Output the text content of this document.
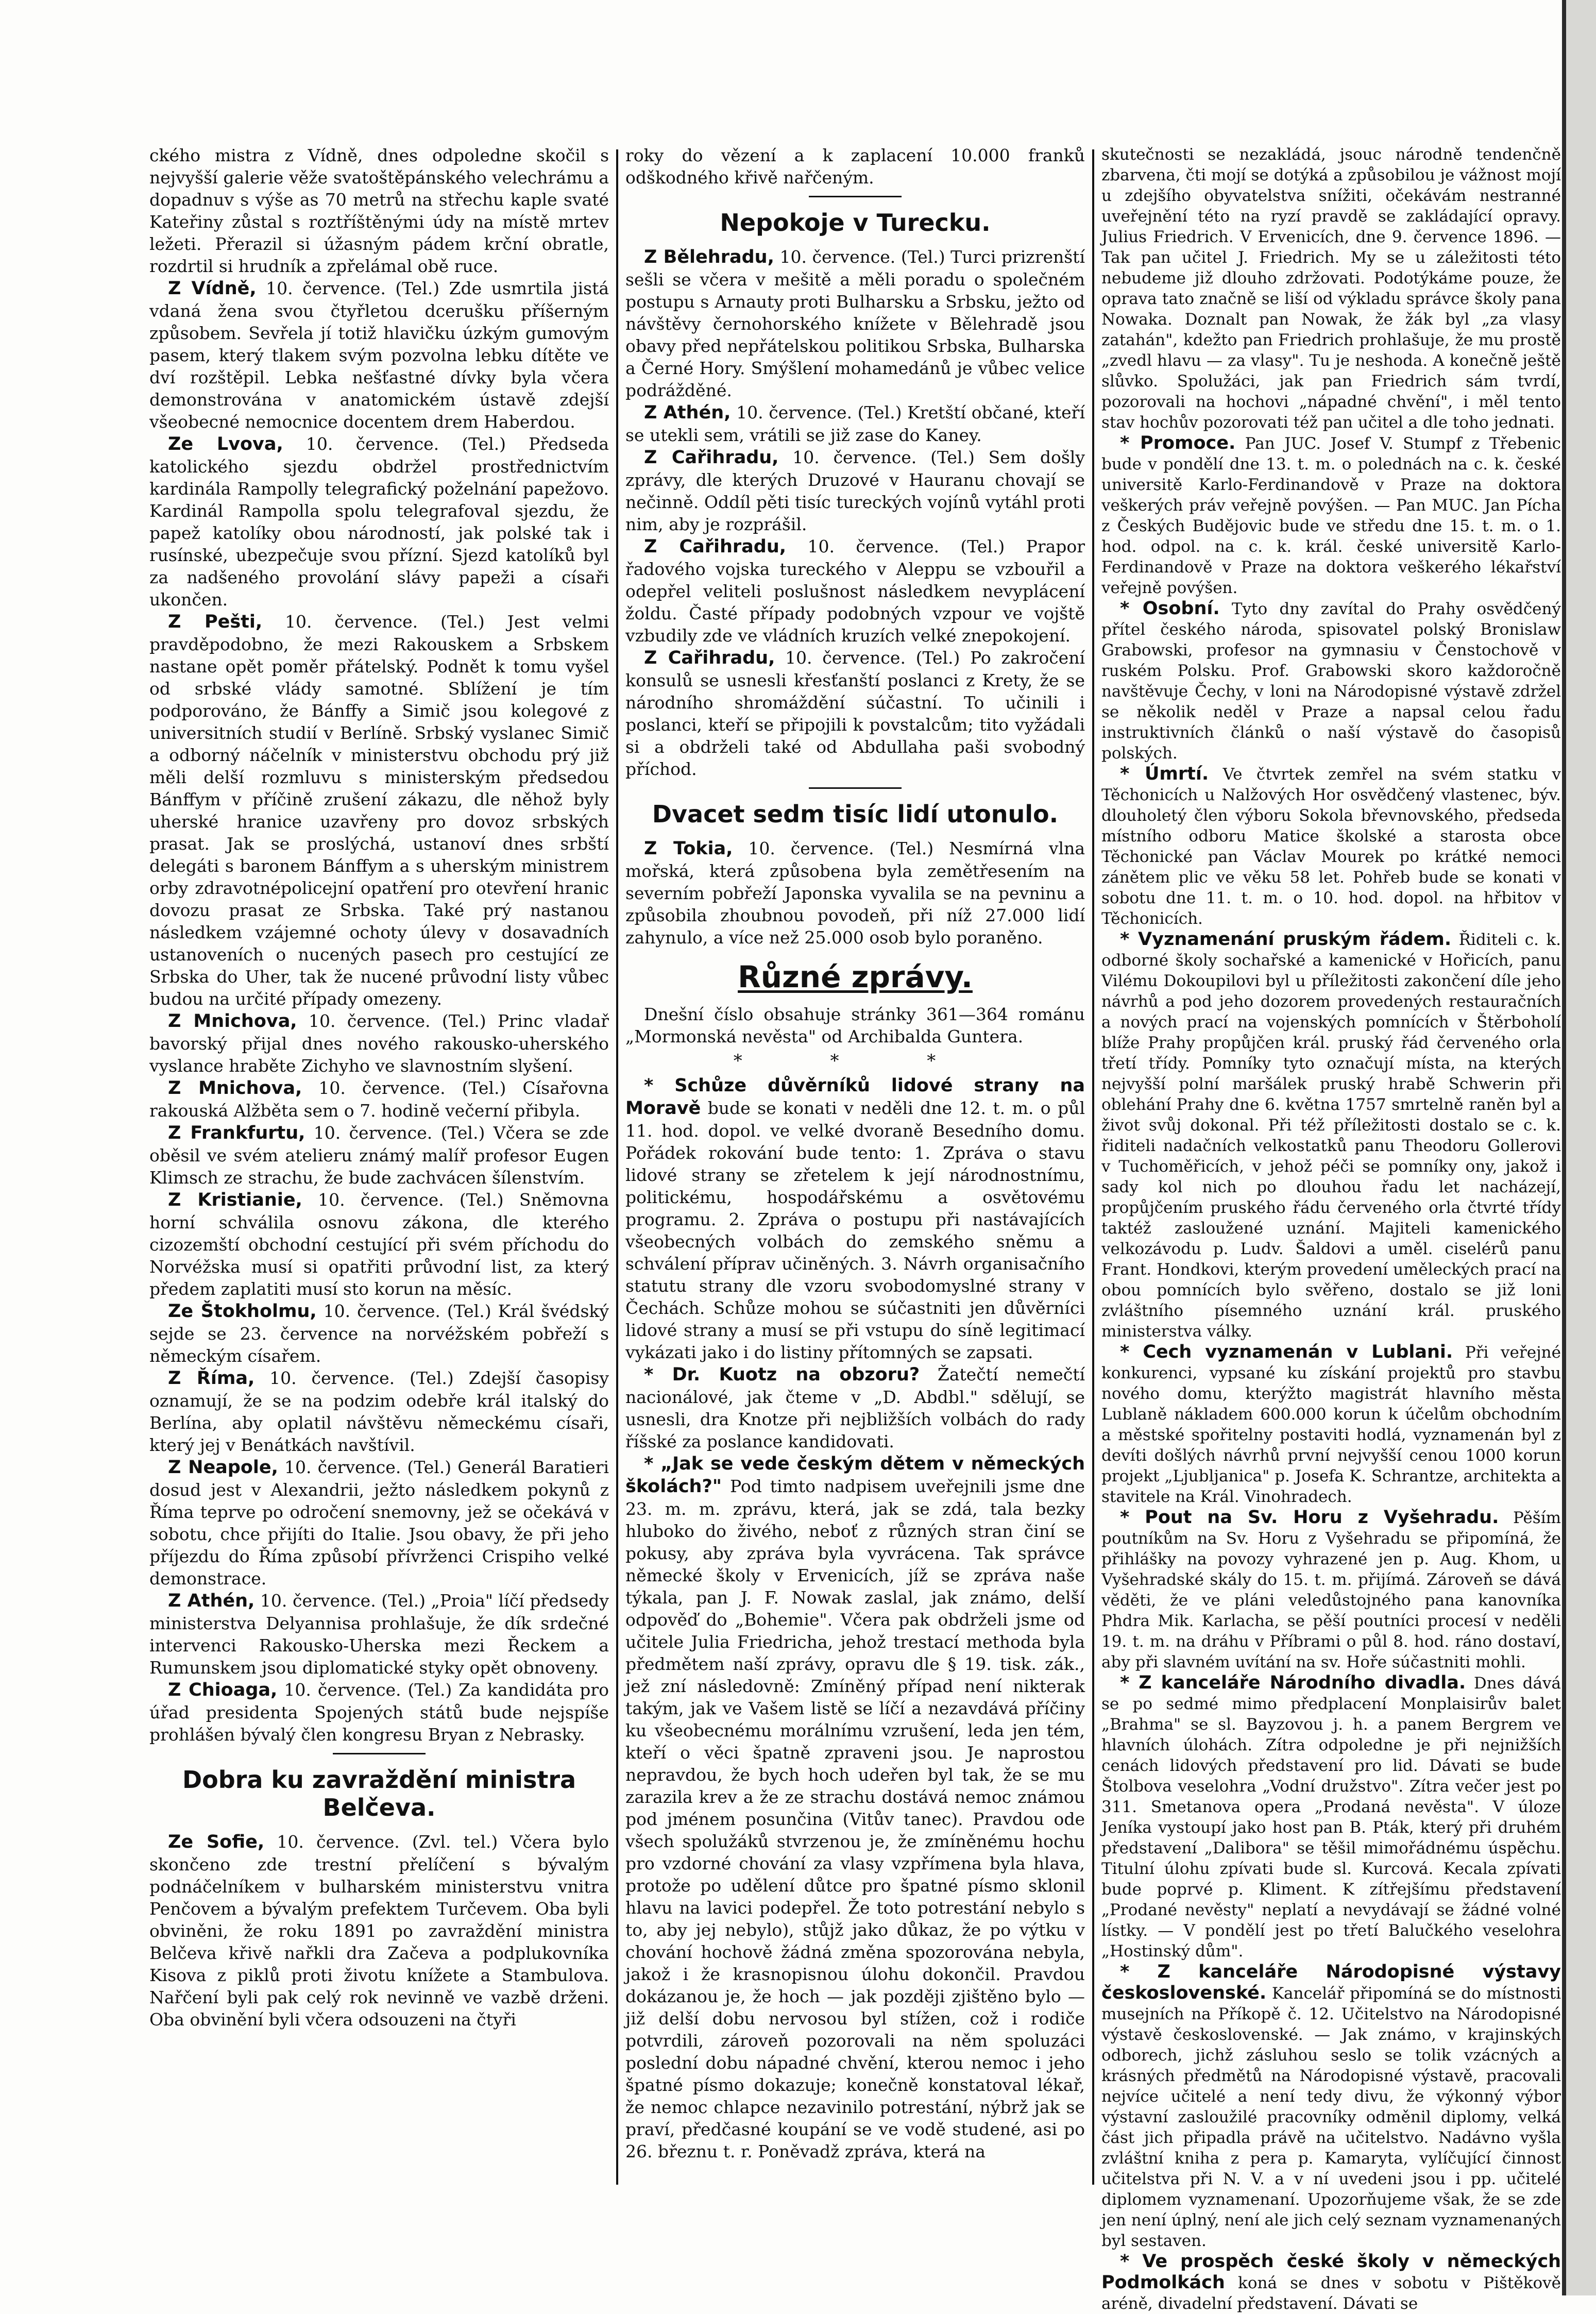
ckého mistra z Vídně, dnes odpoledne skočil s nejvyšší galerie věže svatoštěpánského velechrámu a dopadnuv s výše as 70 metrů na střechu kaple svaté Kateřiny zůstal s roztříštěnými údy na místě mrtev ležeti. Přerazil si úžasným pádem krční obratle, rozdrtil si hrudník a zpřelámal obě ruce.

Z Vídně, 10. července. (Tel.) Zde usmrtila jistá vdaná žena svou čtyřletou dcerušku příšerným způsobem. Sevřela jí totiž hlavičku úzkým gumovým pasem, který tlakem svým pozvolna lebku dítěte ve dví rozštěpil. Lebka nešťastné dívky byla včera demonstrována v anatomickém ústavě zdejší všeobecné nemocnice docentem drem Haberdou.

Ze Lvova, 10. července. (Tel.) Předseda katolického sjezdu obdržel prostřednictvím kardinála Rampolly telegrafický poželnání papežovo. Kardinál Rampolla spolu telegrafoval sjezdu, že papež katolíky obou národností, jak polské tak i rusínské, ubezpečuje svou přízní. Sjezd katolíků byl za nadšeného provolání slávy papeži a císaři ukončen.

Z Pešti, 10. července. (Tel.) Jest velmi pravděpodobno, že mezi Rakouskem a Srbskem nastane opět poměr přátelský. Podnět k tomu vyšel od srbské vlády samotné. Sblížení je tím podporováno, že Bánffy a Simič jsou kolegové z universitních studií v Berlíně. Srbský vyslanec Simič a odborný náčelník v ministerstvu obchodu prý již měli delší rozmluvu s ministerským předsedou Bánffym v příčině zrušení zákazu, dle něhož byly uherské hranice uzavřeny pro dovoz srbských prasat. Jak se proslýchá, ustanoví dnes srbští delegáti s baronem Bánffym a s uherským ministrem orby zdravotnépolicejní opatření pro otevření hranic dovozu prasat ze Srbska. Také prý nastanou následkem vzájemné ochoty úlevy v dosavadních ustanoveních o nucených pasech pro cestující ze Srbska do Uher, tak že nucené průvodní listy vůbec budou na určité případy omezeny.

Z Mnichova, 10. července. (Tel.) Princ vladař bavorský přijal dnes nového rakousko-uherského vyslance hraběte Zichyho ve slavnostním slyšení.

Z Mnichova, 10. července. (Tel.) Císařovna rakouská Alžběta sem o 7. hodině večerní přibyla.

Z Frankfurtu, 10. července. (Tel.) Včera se zde oběsil ve svém atelieru známý malíř profesor Eugen Klimsch ze strachu, že bude zachvácen šílenstvím.

Z Kristianie, 10. července. (Tel.) Sněmovna horní schválila osnovu zákona, dle kterého cizozemští obchodní cestující při svém příchodu do Norvéžska musí si opatřiti průvodní list, za který předem zaplatiti musí sto korun na měsíc.

Ze Štokholmu, 10. července. (Tel.) Král švédský sejde se 23. července na norvéžském pobřeží s německým císařem.

Z Říma, 10. července. (Tel.) Zdejší časopisy oznamují, že se na podzim odebře král italský do Berlína, aby oplatil návštěvu německému císaři, který jej v Benátkách navštívil.

Z Neapole, 10. července. (Tel.) Generál Baratieri dosud jest v Alexandrii, ježto následkem pokynů z Říma teprve po odročení snemovny, jež se očekává v sobotu, chce přijíti do Italie. Jsou obavy, že při jeho příjezdu do Říma způsobí přívrženci Crispiho velké demonstrace.

Z Athén, 10. července. (Tel.) „Proia" líčí předsedy ministerstva Delyannisa prohlašuje, že dík srdečné intervenci Rakousko-Uherska mezi Řeckem a Rumunskem jsou diplomatické styky opět obnoveny.

Z Chioaga, 10. července. (Tel.) Za kandidáta pro úřad presidenta Spojených států bude nejspíše prohlášen bývalý člen kongresu Bryan z Nebrasky.

Dobra ku zavraždění ministra Belčeva.

Ze Sofie, 10. července. (Zvl. tel.) Včera bylo skončeno zde trestní přelíčení s bývalým podnáčelníkem v bulharském ministerstvu vnitra Penčovem a bývalým prefektem Turčevem. Oba byli obviněni, že roku 1891 po zavraždění ministra Belčeva křivě nařkli dra Začeva a podplukovníka Kisova z piklů proti životu knížete a Stambulova. Nařčení byli pak celý rok nevinně ve vazbě drženi. Oba obvinění byli včera odsouzeni na čtyři

roky do vězení a k zaplacení 10.000 franků odškodného křivě nařčeným.

Nepokoje v Turecku.

Z Bělehradu, 10. července. (Tel.) Turci prizrenští sešli se včera v mešitě a měli poradu o společném postupu s Arnauty proti Bulharsku a Srbsku, ježto od návštěvy černohorského knížete v Bělehradě jsou obavy před nepřátelskou politikou Srbska, Bulharska a Černé Hory. Smýšlení mohamedánů je vůbec velice podrážděné.

Z Athén, 10. července. (Tel.) Kretští občané, kteří se utekli sem, vrátili se již zase do Kaney.

Z Cařihradu, 10. července. (Tel.) Sem došly zprávy, dle kterých Druzové v Hauranu chovají se nečinně. Oddíl pěti tisíc tureckých vojínů vytáhl proti nim, aby je rozprášil.

Z Cařihradu, 10. července. (Tel.) Prapor řadového vojska tureckého v Aleppu se vzbouřil a odepřel veliteli poslušnost následkem nevyplácení žoldu. Časté případy podobných vzpour ve vojště vzbudily zde ve vládních kruzích velké znepokojení.

Z Cařihradu, 10. července. (Tel.) Po zakročení konsulů se usnesli křesťanští poslanci z Krety, že se národního shromáždění súčastní. To učinili i poslanci, kteří se připojili k povstalcům; tito vyžádali si a obdrželi také od Abdullaha paši svobodný příchod.

Dvacet sedm tisíc lidí utonulo.

Z Tokia, 10. července. (Tel.) Nesmírná vlna mořská, která způsobena byla zemětřesením na severním pobřeží Japonska vyvalila se na pevninu a způsobila zhoubnou povodeň, při níž 27.000 lidí zahynulo, a více než 25.000 osob bylo poraněno.

Různé zprávy.

Dnešní číslo obsahuje stránky 361—364 románu „Mormonská nevěsta" od Archibalda Guntera.

* * *

* Schůze důvěrníků lidové strany na Moravě bude se konati v neděli dne 12. t. m. o půl 11. hod. dopol. ve velké dvoraně Besedního domu. Pořádek rokování bude tento: 1. Zpráva o stavu lidové strany se zřetelem k její národnostnímu, politickému, hospodářskému a osvětovému programu. 2. Zpráva o postupu při nastávajících všeobecných volbách do zemského sněmu a schválení příprav učiněných. 3. Návrh organisačního statutu strany dle vzoru svobodomyslné strany v Čechách. Schůze mohou se súčastniti jen důvěrníci lidové strany a musí se při vstupu do síně legitimací vykázati jako i do listiny přítomných se zapsati.

* Dr. Kuotz na obzoru? Žatečtí nemečtí nacionálové, jak čteme v „D. Abdbl." sdělují, se usnesli, dra Knotze při nejbližších volbách do rady říšské za poslance kandidovati.

* „Jak se vede českým dětem v německých školách?" Pod timto nadpisem uveřejnili jsme dne 23. m. m. zprávu, která, jak se zdá, tala bezky hluboko do živého, neboť z různých stran činí se pokusy, aby zpráva byla vyvrácena. Tak správce německé školy v Ervenicích, jíž se zpráva naše týkala, pan J. F. Nowak zaslal, jak známo, delší odpověď do „Bohemie". Včera pak obdrželi jsme od učitele Julia Friedricha, jehož trestací methoda byla předmětem naší zprávy, opravu dle § 19. tisk. zák., jež zní následovně: Zmíněný případ není nikterak takým, jak ve Vašem listě se líčí a nezavdává příčiny ku všeobecnému morálnímu vzrušení, leda jen tém, kteří o věci špatně zpraveni jsou. Je naprostou nepravdou, že bych hoch udeřen byl tak, že se mu zarazila krev a že ze strachu dostává nemoc známou pod jménem posunčina (Vitův tanec). Pravdou ode všech spolužáků stvrzenou je, že zmíněnému hochu pro vzdorné chování za vlasy vzpřímena byla hlava, protože po udělení důtce pro špatné písmo sklonil hlavu na lavici podepřel. Že toto potrestání nebylo s to, aby jej nebylo), stůjž jako důkaz, že po výtku v chování hochově žádná změna spozorována nebyla, jakož i že krasnopisnou úlohu dokončil. Pravdou dokázanou je, že hoch — jak později zjištěno bylo — již delší dobu nervosou byl stížen, což i rodiče potvrdili, zároveň pozorovali na něm spoluzáci poslední dobu nápadné chvění, kterou nemoc i jeho špatné písmo dokazuje; konečně konstatoval lékař, že nemoc chlapce nezavinilo potrestání, nýbrž jak se praví, předčasné koupání se ve vodě studené, asi po 26. březnu t. r. Poněvadž zpráva, která na

skutečnosti se nezakládá, jsouc národně tendenčně zbarvena, čti mojí se dotýká a způsobilou je vážnost mojí u zdejšího obyvatelstva snížiti, očekávám nestranné uveřejnění této na ryzí pravdě se zakládající opravy. Julius Friedrich. V Ervenicích, dne 9. července 1896. — Tak pan učitel J. Friedrich. My se u záležitosti této nebudeme již dlouho zdržovati. Podotýkáme pouze, že oprava tato značně se liší od výkladu správce školy pana Nowaka. Doznalt pan Nowak, že žák byl „za vlasy zatahán", kdežto pan Friedrich prohlašuje, že mu prostě „zvedl hlavu — za vlasy". Tu je neshoda. A konečně ještě slůvko. Spolužáci, jak pan Friedrich sám tvrdí, pozorovali na hochovi „nápadné chvění", i měl tento stav hochův pozorovati též pan učitel a dle toho jednati.

* Promoce. Pan JUC. Josef V. Stumpf z Třebenic bude v pondělí dne 13. t. m. o polednách na c. k. české universitě Karlo-Ferdinandově v Praze na doktora veškerých práv veřejně povýšen. — Pan MUC. Jan Pícha z Českých Budějovic bude ve středu dne 15. t. m. o 1. hod. odpol. na c. k. král. české universitě Karlo-Ferdinandově v Praze na doktora veškerého lékařství veřejně povýšen.

* Osobní. Tyto dny zavítal do Prahy osvědčený přítel českého národa, spisovatel polský Bronislaw Grabowski, profesor na gymnasiu v Čenstochově v ruském Polsku. Prof. Grabowski skoro každoročně navštěvuje Čechy, v loni na Národopisné výstavě zdržel se několik neděl v Praze a napsal celou řadu instruktivních článků o naší výstavě do časopisů polských.

* Úmrtí. Ve čtvrtek zemřel na svém statku v Těchonicích u Nalžových Hor osvědčený vlastenec, býv. dlouholetý člen výboru Sokola břevnovského, předseda místního odboru Matice školské a starosta obce Těchonické pan Václav Mourek po krátké nemoci zánětem plic ve věku 58 let. Pohřeb bude se konati v sobotu dne 11. t. m. o 10. hod. dopol. na hřbitov v Těchonicích.

* Vyznamenání pruským řádem. Řiditeli c. k. odborné školy sochařské a kamenické v Hořicích, panu Vilému Dokoupilovi byl u příležitosti zakončení díle jeho návrhů a pod jeho dozorem provedených restauračních a nových prací na vojenských pomnících v Štěrboholí blíže Prahy propůjčen král. pruský řád červeného orla třetí třídy. Pomníky tyto označují místa, na kterých nejvyšší polní maršálek pruský hrabě Schwerin při oblehání Prahy dne 6. května 1757 smrtelně raněn byl a život svůj dokonal. Při též příležitosti dostalo se c. k. řiditeli nadačních velkostatků panu Theodoru Gollerovi v Tuchoměřicích, v jehož péči se pomníky ony, jakož i sady kol nich po dlouhou řadu let nacházejí, propůjčením pruského řádu červeného orla čtvrté třídy taktéž zasloužené uznání. Majiteli kamenického velkozávodu p. Ludv. Šaldovi a uměl. ciselérů panu Frant. Hondkovi, kterým provedení uměleckých prací na obou pomnících bylo svěřeno, dostalo se již loni zvláštního písemného uznání král. pruského ministerstva války.

* Cech vyznamenán v Lublani. Při veřejné konkurenci, vypsané ku získání projektů pro stavbu nového domu, kterýžto magistrát hlavního města Lublaně nákladem 600.000 korun k účelům obchodním a městské spořitelny postaviti hodlá, vyznamenán byl z devíti došlých návrhů první nejvyšší cenou 1000 korun projekt „Ljubljanica" p. Josefa K. Schrantze, architekta a stavitele na Král. Vinohradech.

* Pout na Sv. Horu z Vyšehradu. Pěším poutníkům na Sv. Horu z Vyšehradu se připomíná, že přihlášky na povozy vyhrazené jen p. Aug. Khom, u Vyšehradské skály do 15. t. m. přijímá. Zároveň se dává věděti, že ve pláni veledůstojného pana kanovníka Phdra Mik. Karlacha, se pěší poutníci procesí v neděli 19. t. m. na dráhu v Příbrami o půl 8. hod. ráno dostaví, aby při slavném uvítání na sv. Hoře súčastniti mohli.

* Z kanceláře Národního divadla. Dnes dává se po sedmé mimo předplacení Monplaisirův balet „Brahma" se sl. Bayzovou j. h. a panem Bergrem ve hlavních úlohách. Zítra odpoledne je při nejnižších cenách lidových představení pro lid. Dávati se bude Štolbova veselohra „Vodní družstvo". Zítra večer jest po 311. Smetanova opera „Prodaná nevěsta". V úloze Jeníka vystoupí jako host pan B. Pták, který při druhém představení „Dalibora" se těšil mimořádnému úspěchu. Titulní úlohu zpívati bude sl. Kurcová. Kecala zpívati bude poprvé p. Kliment. K zítřejšímu představení „Prodané nevěsty" neplatí a nevydávají se žádné volné lístky. — V pondělí jest po třetí Balučkého veselohra „Hostinský dům".

* Z kanceláře Národopisné výstavy československé. Kancelář připomíná se do místnosti musejních na Příkopě č. 12. Učitelstvo na Národopisné výstavě československé. — Jak známo, v krajinských odborech, jichž zásluhou seslo se tolik vzácných a krásných předmětů na Národopisné výstavě, pracovali nejvíce učitelé a není tedy divu, že výkonný výbor výstavní zasloužilé pracovníky odměnil diplomy, velká část jich připadla právě na učitelstvo. Nadávno vyšla zvláštní kniha z pera p. Kamaryta, vylíčující činnost učitelstva při N. V. a v ní uvedeni jsou i pp. učitelé diplomem vyznamenaní. Upozorňujeme však, že se zde jen není úplný, není ale jich celý seznam vyznamenaných byl sestaven.

* Ve prospěch české školy v německých Podmolkách koná se dnes v sobotu v Pištěkově aréně, divadelní představení. Dávati se
